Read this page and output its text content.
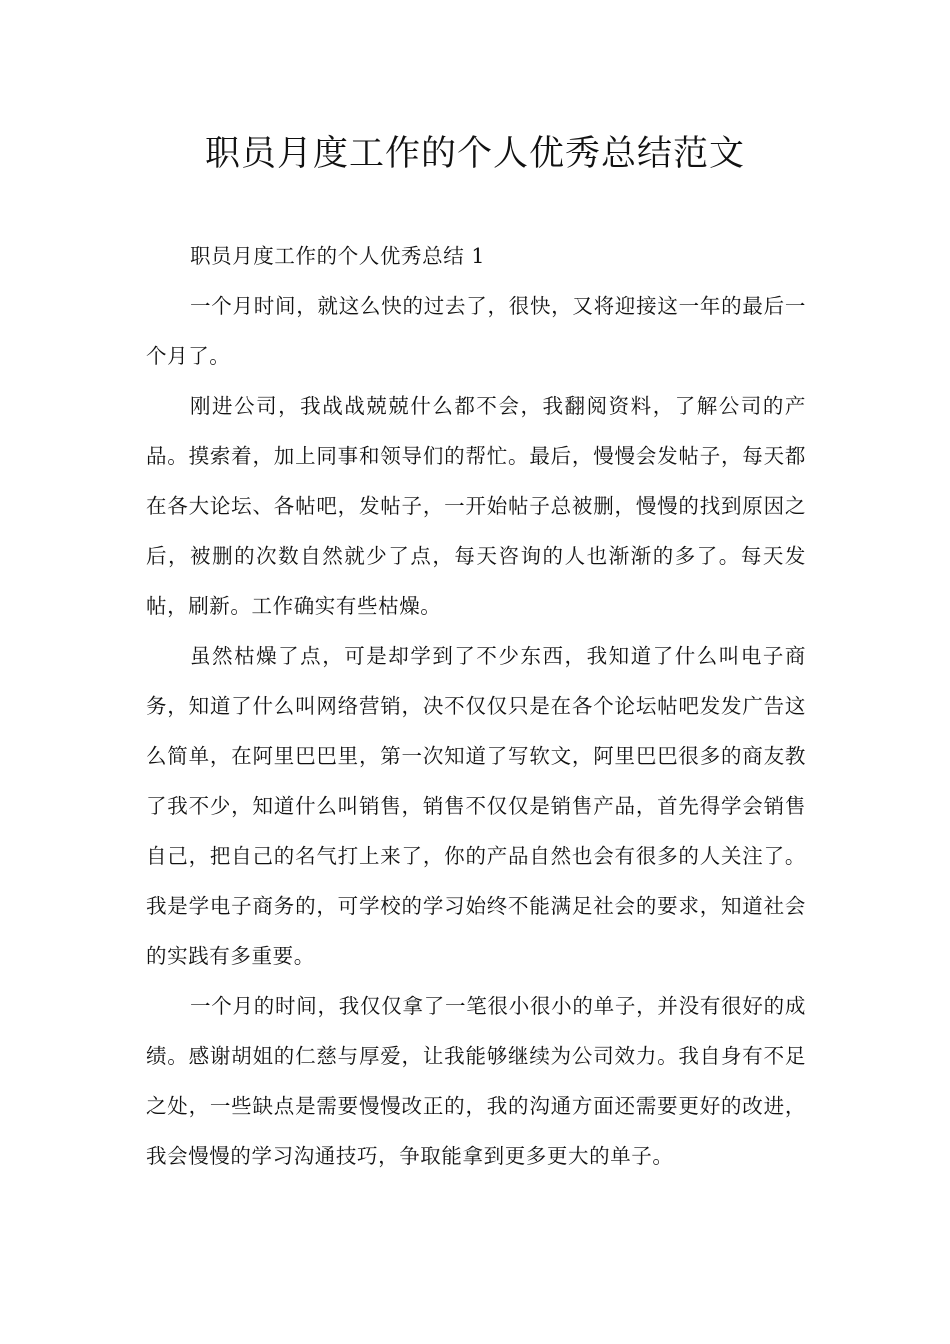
职员月度工作的个人优秀总结范文

职员月度工作的个人优秀总结 1

一个月时间，就这么快的过去了，很快，又将迎接这一年的最后一个月了。

刚进公司，我战战兢兢什么都不会，我翻阅资料，了解公司的产品。摸索着，加上同事和领导们的帮忙。最后，慢慢会发帖子，每天都在各大论坛、各帖吧，发帖子，一开始帖子总被删，慢慢的找到原因之后，被删的次数自然就少了点，每天咨询的人也渐渐的多了。每天发帖，刷新。工作确实有些枯燥。

虽然枯燥了点，可是却学到了不少东西，我知道了什么叫电子商务，知道了什么叫网络营销，决不仅仅只是在各个论坛帖吧发发广告这么简单，在阿里巴巴里，第一次知道了写软文，阿里巴巴很多的商友教了我不少，知道什么叫销售，销售不仅仅是销售产品，首先得学会销售自己，把自己的名气打上来了，你的产品自然也会有很多的人关注了。我是学电子商务的，可学校的学习始终不能满足社会的要求，知道社会的实践有多重要。

一个月的时间，我仅仅拿了一笔很小很小的单子，并没有很好的成绩。感谢胡姐的仁慈与厚爱，让我能够继续为公司效力。我自身有不足之处，一些缺点是需要慢慢改正的，我的沟通方面还需要更好的改进，我会慢慢的学习沟通技巧，争取能拿到更多更大的单子。
